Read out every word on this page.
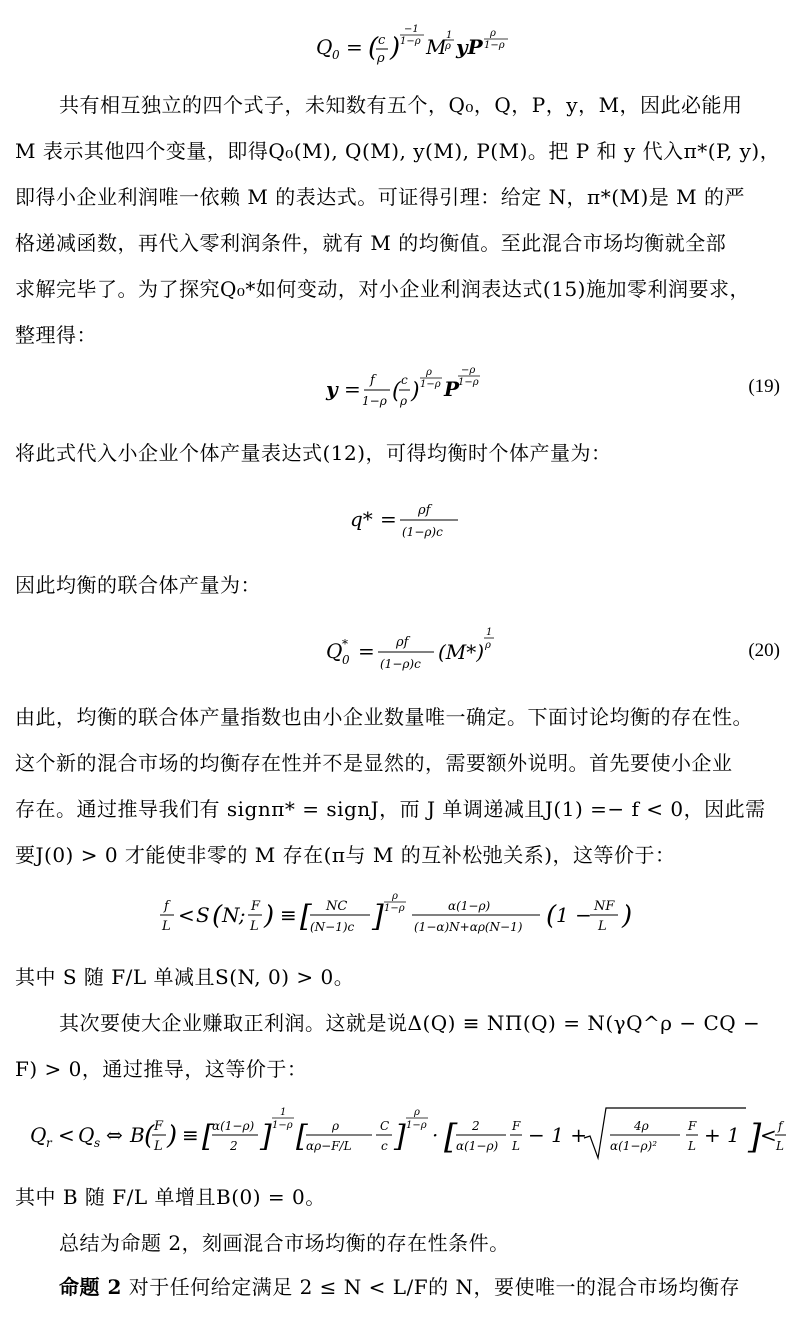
Q 0 = ( c
ρ )
−1
1−ρ M 1
ρ yP
ρ
1−ρ
共有相互独立的四个式子，未知数有五个，Q₀，Q，P，y，M，因此必能用
M 表示其他四个变量，即得Q₀(M), Q(M), y(M), P(M)。把 P 和 y 代入π*(P, y)，
即得小企业利润唯一依赖 M 的表达式。可证得引理：给定 N，π*(M)是 M 的严
格递减函数，再代入零利润条件，就有 M 的均衡值。至此混合市场均衡就全部
求解完毕了。为了探究Q₀*如何变动，对小企业利润表达式(15)施加零利润要求，
整理得：
y = f
1−ρ ( c
ρ )
ρ
1−ρ P
−ρ
1−ρ	(19)
将此式代入小企业个体产量表达式(12)，可得均衡时个体产量为：
q* = ρf
(1−ρ)c
因此均衡的联合体产量为：
Q *
0 = ρf
(1−ρ)c (M*)
1
ρ	(20)
由此，均衡的联合体产量指数也由小企业数量唯一确定。下面讨论均衡的存在性。
这个新的混合市场的均衡存在性并不是显然的，需要额外说明。首先要使小企业
存在。通过推导我们有 signπ* = signJ，而 J 单调递减且J(1) =− f < 0，因此需
要J(0) > 0 才能使非零的 M 存在(π与 M 的互补松弛关系)，这等价于：
f
L < S ( N; F
L ) ≡ [ NC
(N−1)c ]
ρ
1−ρ	α(1−ρ)
(1−α)N+αρ(N−1) ( 1 − NF
L )
其中 S 随 F/L 单减且S(N, 0) > 0。
其次要使大企业赚取正利润。这就是说Δ(Q) ≡ NΠ(Q) = N(γQ^ρ − CQ −
F) > 0，通过推导，这等价于：
Q r < Q s ⇔ B ( F
L ) ≡ [
α(1−ρ)
2 ]
1
1−ρ [ ρ
αρ−F/L
C
c ]
ρ
1−ρ · [ 2
α(1−ρ)
F
L − 1 +	4ρ
α(1−ρ)²
F
L + 1 ]
< f
L
其中 B 随 F/L 单增且B(0) = 0。
总结为命题 2，刻画混合市场均衡的存在性条件。
命题 2 对于任何给定满足 2 ≤ N < L/F的 N，要使唯一的混合市场均衡存
